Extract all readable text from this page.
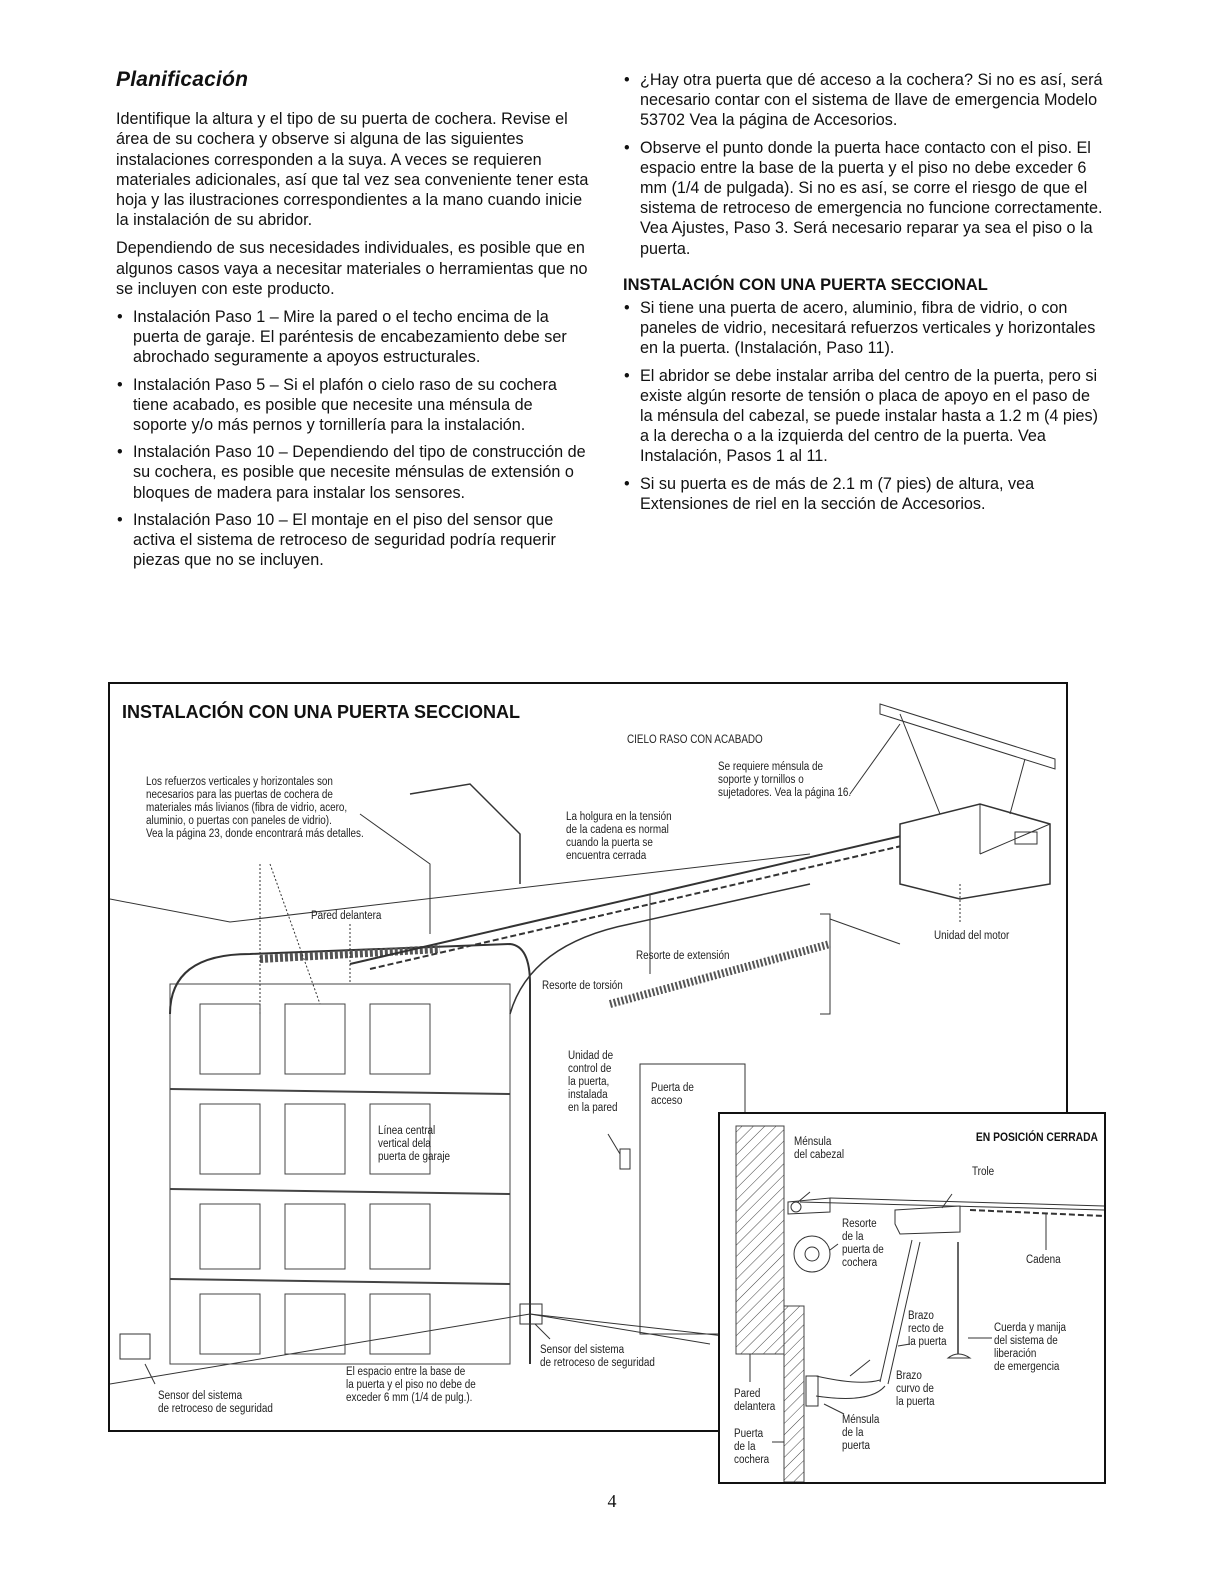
Planificación

Identifique la altura y el tipo de su puerta de cochera. Revise el área de su cochera y observe si alguna de las siguientes instalaciones corresponden a la suya. A veces se requieren materiales adicionales, así que tal vez sea conveniente tener esta hoja y las ilustraciones correspondientes a la mano cuando inicie la instalación de su abridor.

Dependiendo de sus necesidades individuales, es posible que en algunos casos vaya a necesitar materiales o herramientas que no se incluyen con este producto.

• Instalación Paso 1 – Mire la pared o el techo encima de la puerta de garaje. El paréntesis de encabezamiento debe ser abrochado seguramente a apoyos estructurales.
• Instalación Paso 5 – Si el plafón o cielo raso de su cochera tiene acabado, es posible que necesite una ménsula de soporte y/o más pernos y tornillería para la instalación.
• Instalación Paso 10 – Dependiendo del tipo de construcción de su cochera, es posible que necesite ménsulas de extensión o bloques de madera para instalar los sensores.
• Instalación Paso 10 – El montaje en el piso del sensor que activa el sistema de retroceso de seguridad podría requerir piezas que no se incluyen.
• ¿Hay otra puerta que dé acceso a la cochera? Si no es así, será necesario contar con el sistema de llave de emergencia Modelo 53702 Vea la página de Accesorios.
• Observe el punto donde la puerta hace contacto con el piso. El espacio entre la base de la puerta y el piso no debe exceder 6 mm (1/4 de pulgada). Si no es así, se corre el riesgo de que el sistema de retroceso de emergencia no funcione correctamente. Vea Ajustes, Paso 3. Será necesario reparar ya sea el piso o la puerta.
INSTALACIÓN CON UNA PUERTA SECCIONAL
• Si tiene una puerta de acero, aluminio, fibra de vidrio, o con paneles de vidrio, necesitará refuerzos verticales y horizontales en la puerta. (Instalación, Paso 11).
• El abridor se debe instalar arriba del centro de la puerta, pero si existe algún resorte de tensión o placa de apoyo en el paso de la ménsula del cabezal, se puede instalar hasta a 1.2 m (4 pies) a la derecha o a la izquierda del centro de la puerta. Vea Instalación, Pasos 1 al 11.
• Si su puerta es de más de 2.1 m (7 pies) de altura, vea Extensiones de riel en la sección de Accesorios.
INSTALACIÓN CON UNA PUERTA SECCIONAL
Los refuerzos verticales y horizontales son
necesarios para las puertas de cochera de
materiales más livianos (fibra de vidrio, acero,
aluminio, o puertas con paneles de vidrio).
Vea la página 23, donde encontrará más detalles.
CIELO RASO CON ACABADO
Se requiere ménsula de
soporte y tornillos o
sujetadores. Vea la página 16.
La holgura en la tensión
de la cadena es normal
cuando la puerta se
encuentra cerrada
Pared delantera
Resorte de extensión
Resorte de torsión
Unidad del motor
Unidad de
control de
la puerta,
instalada
en la pared
Puerta de
acceso
Línea central
vertical dela
puerta de garaje
Sensor del sistema
de retroceso de seguridad
Sensor del sistema
de retroceso de seguridad
El espacio entre la base de
la puerta y el piso no debe de
exceder 6 mm (1/4 de pulg.).
EN POSICIÓN CERRADA
Ménsula
del cabezal
Trole
Cadena
Resorte
de la
puerta de
cochera
Brazo
recto de
la puerta
Cuerda y manija
del sistema de
liberación
de emergencia
Brazo
curvo de
la puerta
Pared
delantera
Ménsula
de la
puerta
Puerta
de la
cochera
4
